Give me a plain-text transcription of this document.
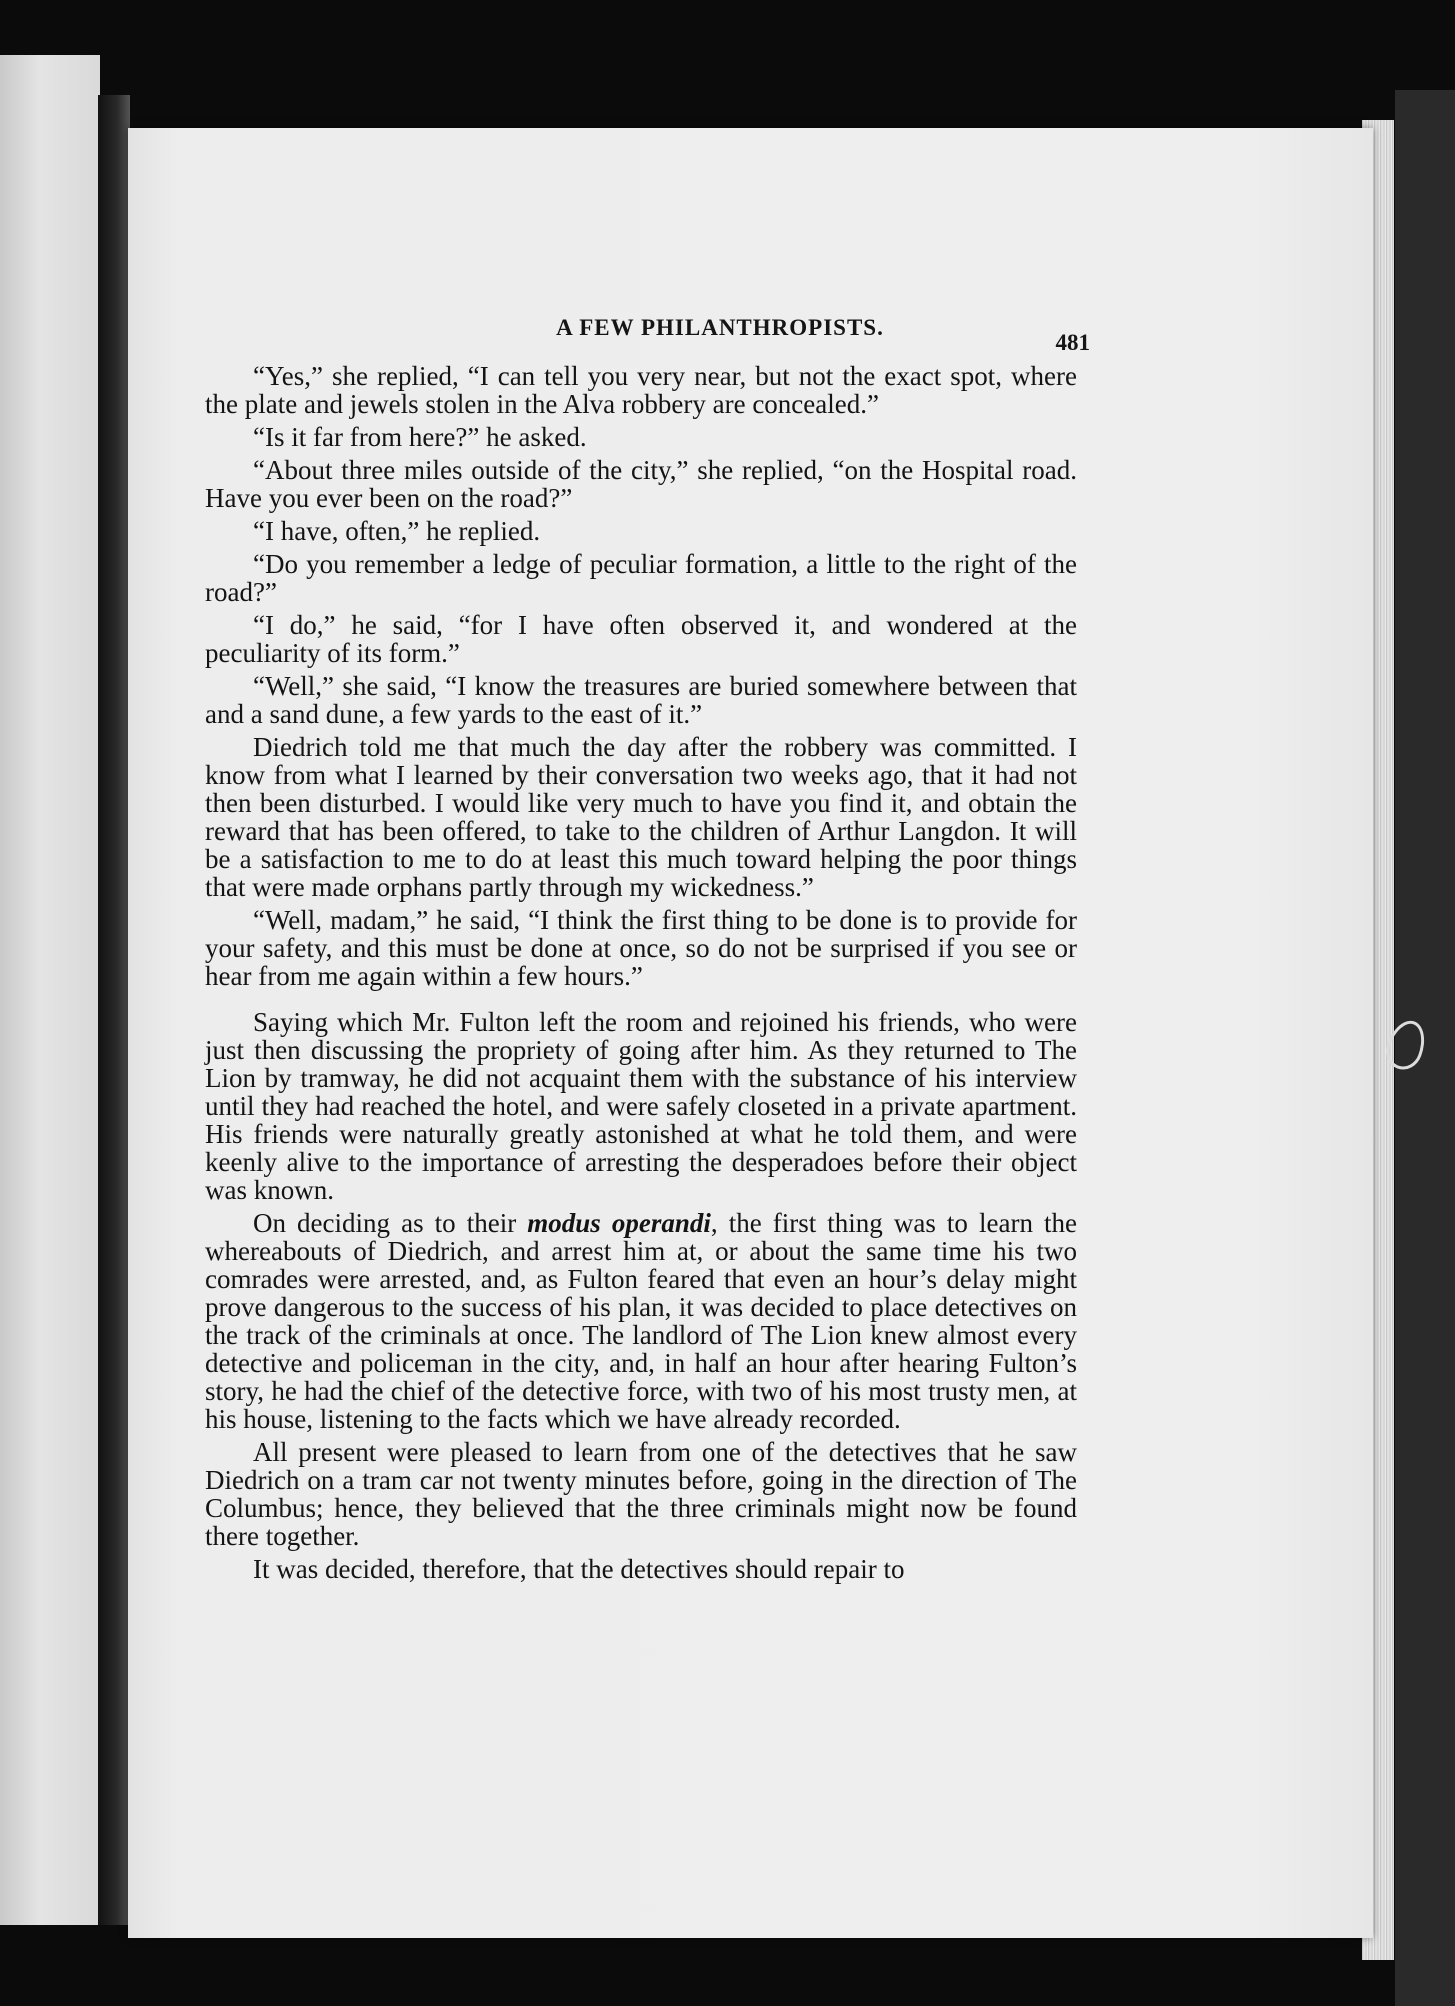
A FEW PHILANTHROPISTS.
481

“Yes,” she replied, “I can tell you very near, but not the exact spot, where the plate and jewels stolen in the Alva robbery are concealed.”

“Is it far from here?” he asked.

“About three miles outside of the city,” she replied, “on the Hospital road. Have you ever been on the road?”

“I have, often,” he replied.

“Do you remember a ledge of peculiar formation, a little to the right of the road?”

“I do,” he said, “for I have often observed it, and wondered at the peculiarity of its form.”

“Well,” she said, “I know the treasures are buried somewhere between that and a sand dune, a few yards to the east of it.”

Diedrich told me that much the day after the robbery was committed. I know from what I learned by their conversation two weeks ago, that it had not then been disturbed. I would like very much to have you find it, and obtain the reward that has been offered, to take to the children of Arthur Langdon. It will be a satisfaction to me to do at least this much toward helping the poor things that were made orphans partly through my wickedness.”

“Well, madam,” he said, “I think the first thing to be done is to provide for your safety, and this must be done at once, so do not be surprised if you see or hear from me again within a few hours.”

Saying which Mr. Fulton left the room and rejoined his friends, who were just then discussing the propriety of going after him. As they returned to The Lion by tramway, he did not acquaint them with the substance of his interview until they had reached the hotel, and were safely closeted in a private apartment. His friends were naturally greatly astonished at what he told them, and were keenly alive to the importance of arresting the desperadoes before their object was known.

On deciding as to their modus operandi, the first thing was to learn the whereabouts of Diedrich, and arrest him at, or about the same time his two comrades were arrested, and, as Fulton feared that even an hour’s delay might prove dangerous to the success of his plan, it was decided to place detectives on the track of the criminals at once. The landlord of The Lion knew almost every detective and policeman in the city, and, in half an hour after hearing Fulton’s story, he had the chief of the detective force, with two of his most trusty men, at his house, listening to the facts which we have already recorded.

All present were pleased to learn from one of the detectives that he saw Diedrich on a tram car not twenty minutes before, going in the direction of The Columbus; hence, they believed that the three criminals might now be found there together.

It was decided, therefore, that the detectives should repair to
